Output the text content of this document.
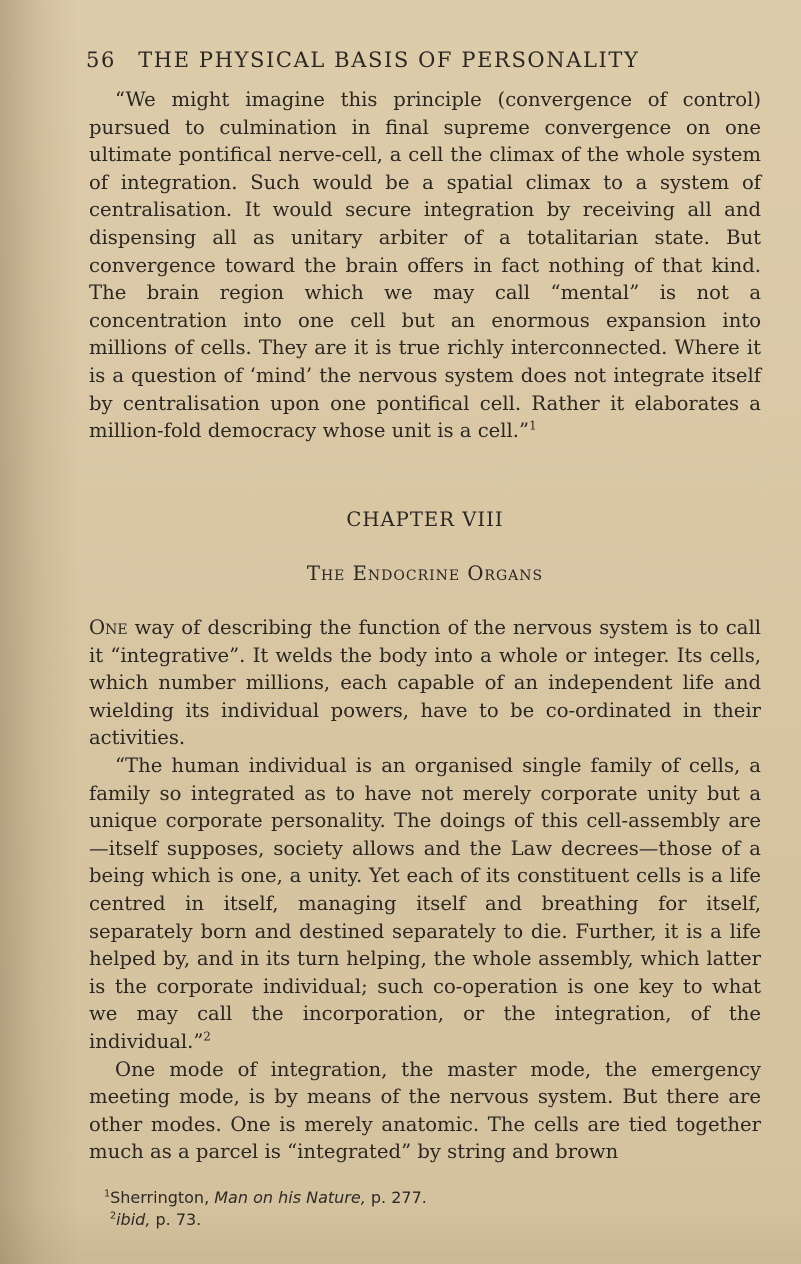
56 THE PHYSICAL BASIS OF PERSONALITY

“We might imagine this principle (convergence of control) pursued to culmination in final supreme convergence on one ultimate pontifical nerve-cell, a cell the climax of the whole system of integration. Such would be a spatial climax to a system of centralisation. It would secure integration by receiving all and dispensing all as unitary arbiter of a totalitarian state. But convergence toward the brain offers in fact nothing of that kind. The brain region which we may call “mental” is not a concentration into one cell but an enormous expansion into millions of cells. They are it is true richly interconnected. Where it is a question of ‘mind’ the nervous system does not integrate itself by centralisation upon one pontifical cell. Rather it elaborates a million-fold democracy whose unit is a cell.”$^1$

CHAPTER VIII

The Endocrine Organs

One way of describing the function of the nervous system is to call it “integrative”. It welds the body into a whole or integer. Its cells, which number millions, each capable of an independent life and wielding its individual powers, have to be co-ordinated in their activities.

“The human individual is an organised single family of cells, a family so integrated as to have not merely corporate unity but a unique corporate personality. The doings of this cell-assembly are—itself supposes, society allows and the Law decrees—those of a being which is one, a unity. Yet each of its constituent cells is a life centred in itself, managing itself and breathing for itself, separately born and destined separately to die. Further, it is a life helped by, and in its turn helping, the whole assembly, which latter is the corporate individual; such co-operation is one key to what we may call the incorporation, or the integration, of the individual.”$^2$

One mode of integration, the master mode, the emergency meeting mode, is by means of the nervous system. But there are other modes. One is merely anatomic. The cells are tied together much as a parcel is “integrated” by string and brown

$^1$Sherrington, Man on his Nature, p. 277.

$^2$ibid, p. 73.
